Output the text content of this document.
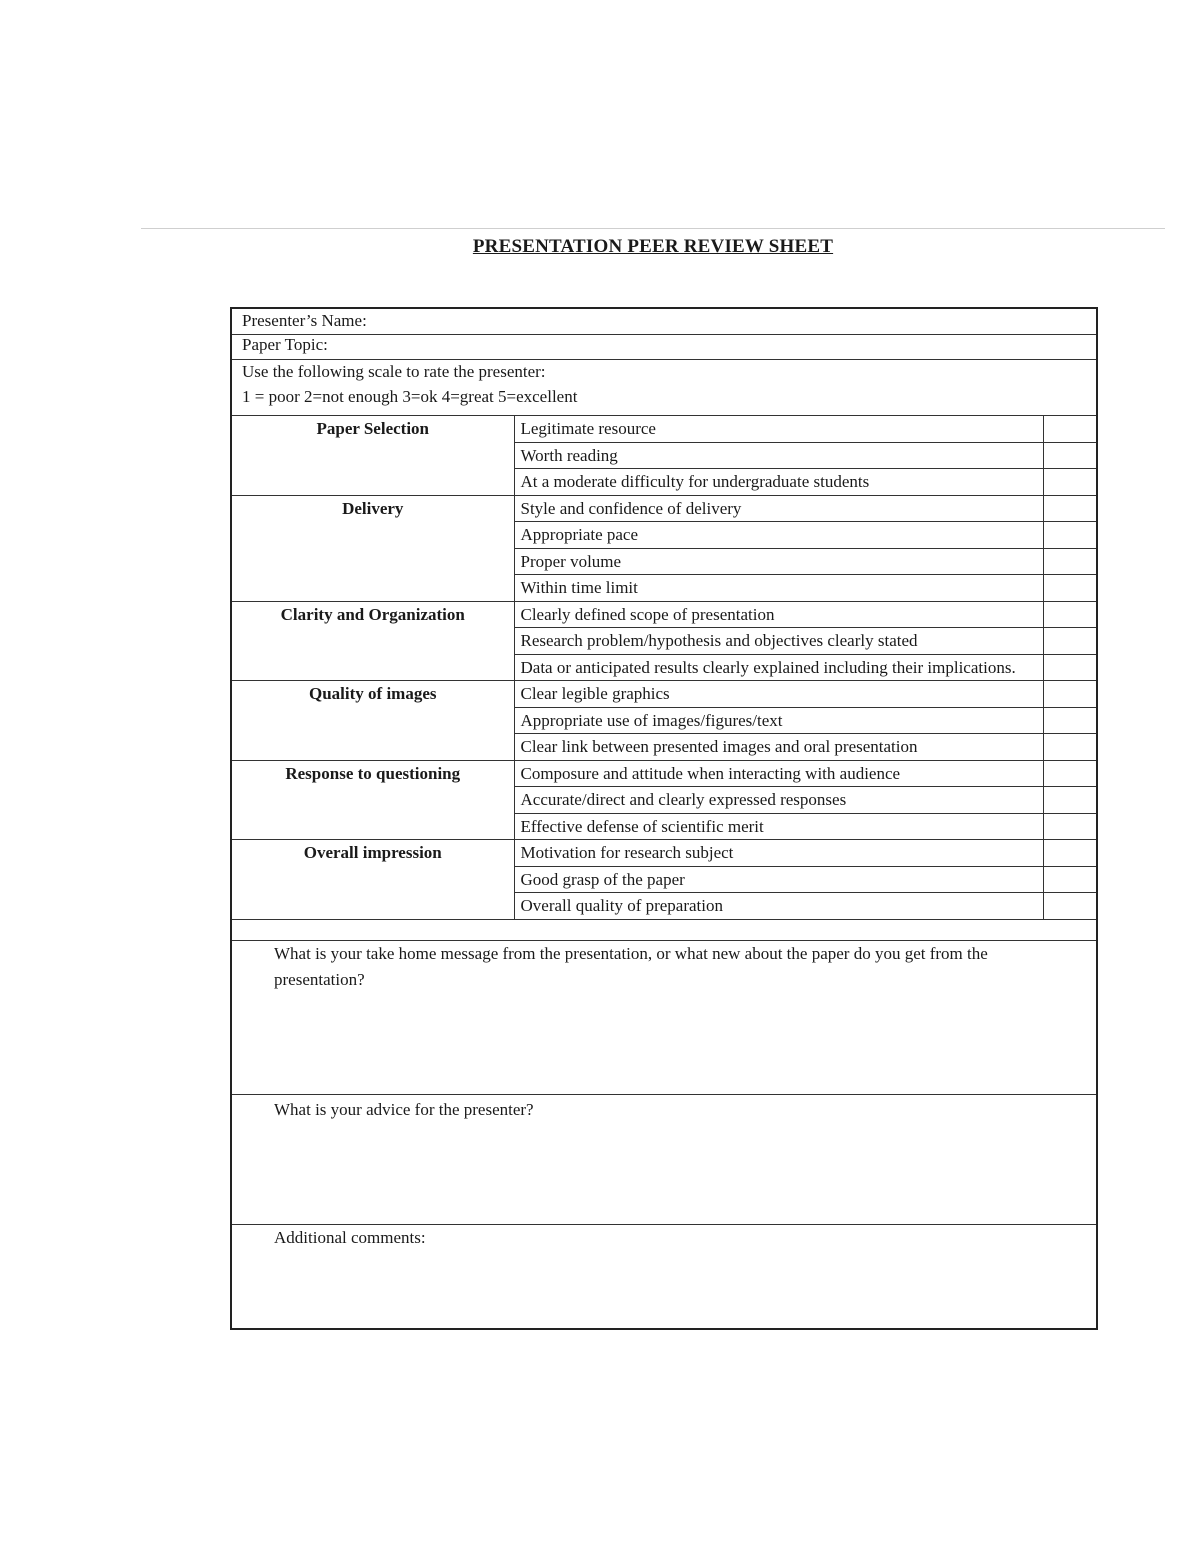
PRESENTATION PEER REVIEW SHEET
Presenter’s Name:
Paper Topic:
Use the following scale to rate the presenter:
1 = poor 2=not enough 3=ok 4=great 5=excellent
Paper Selection	Legitimate resource	
	Worth reading	
	At a moderate difficulty for undergraduate students	
Delivery	Style and confidence of delivery	
	Appropriate pace	
	Proper volume	
	Within time limit	
Clarity and Organization	Clearly defined scope of presentation	
	Research problem/hypothesis and objectives clearly stated	
	Data or anticipated results clearly explained including their implications.	
Quality of images	Clear legible graphics	
	Appropriate use of images/figures/text	
	Clear link between presented images and oral presentation	
Response to questioning	Composure and attitude when interacting with audience	
	Accurate/direct and clearly expressed responses	
	Effective defense of scientific merit	
Overall impression	Motivation for research subject	
	Good grasp of the paper	
	Overall quality of preparation	
What is your take home message from the presentation, or what new about the paper do you get from the presentation?
What is your advice for the presenter?
Additional comments:
